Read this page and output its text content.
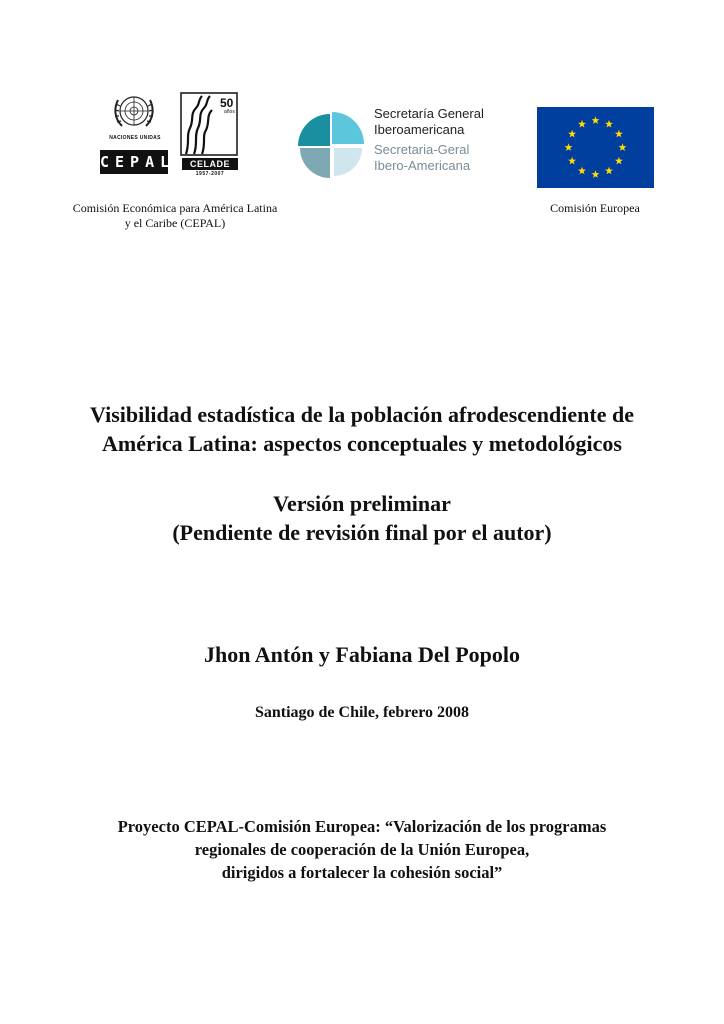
NACIONES UNIDAS
CEPAL
50
años
CELADE
1957-2007
Secretaría General
Iberoamericana
Secretaria-Geral
Ibero-Americana
Comisión Económica para América Latina
y el Caribe (CEPAL)
Comisión Europea
Visibilidad estadística de la población afrodescendiente de
América Latina: aspectos conceptuales y metodológicos
Versión preliminar
(Pendiente de revisión final por el autor)
Jhon Antón y Fabiana Del Popolo
Santiago de Chile, febrero 2008
Proyecto CEPAL-Comisión Europea: “Valorización de los programas
regionales de cooperación de la Unión Europea,
dirigidos a fortalecer la cohesión social”
